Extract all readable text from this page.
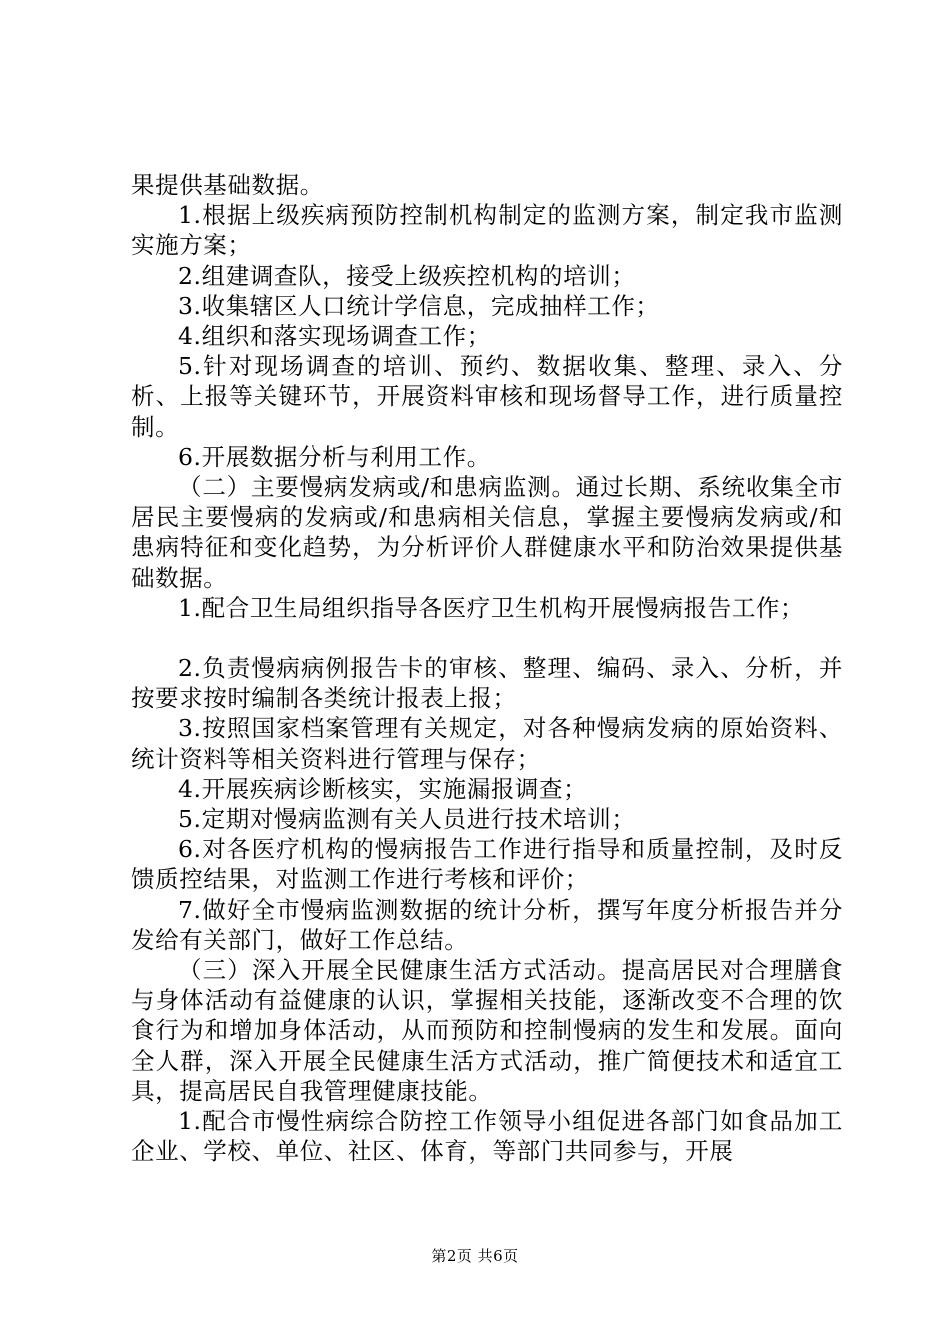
果提供基础数据。

1.根据上级疾病预防控制机构制定的监测方案，制定我市监测实施方案；

2.组建调查队，接受上级疾控机构的培训；

3.收集辖区人口统计学信息，完成抽样工作；

4.组织和落实现场调查工作；

5.针对现场调查的培训、预约、数据收集、整理、录入、分析、上报等关键环节，开展资料审核和现场督导工作，进行质量控制。

6.开展数据分析与利用工作。

（二）主要慢病发病或/和患病监测。通过长期、系统收集全市居民主要慢病的发病或/和患病相关信息，掌握主要慢病发病或/和患病特征和变化趋势，为分析评价人群健康水平和防治效果提供基础数据。

1.配合卫生局组织指导各医疗卫生机构开展慢病报告工作；

2.负责慢病病例报告卡的审核、整理、编码、录入、分析，并按要求按时编制各类统计报表上报；

3.按照国家档案管理有关规定，对各种慢病发病的原始资料、统计资料等相关资料进行管理与保存；

4.开展疾病诊断核实，实施漏报调查；

5.定期对慢病监测有关人员进行技术培训；

6.对各医疗机构的慢病报告工作进行指导和质量控制，及时反馈质控结果，对监测工作进行考核和评价；

7.做好全市慢病监测数据的统计分析，撰写年度分析报告并分发给有关部门，做好工作总结。

（三）深入开展全民健康生活方式活动。提高居民对合理膳食与身体活动有益健康的认识，掌握相关技能，逐渐改变不合理的饮食行为和增加身体活动，从而预防和控制慢病的发生和发展。面向全人群，深入开展全民健康生活方式活动，推广简便技术和适宜工具，提高居民自我管理健康技能。

1.配合市慢性病综合防控工作领导小组促进各部门如食品加工企业、学校、单位、社区、体育，等部门共同参与，开展

第2页 共6页
